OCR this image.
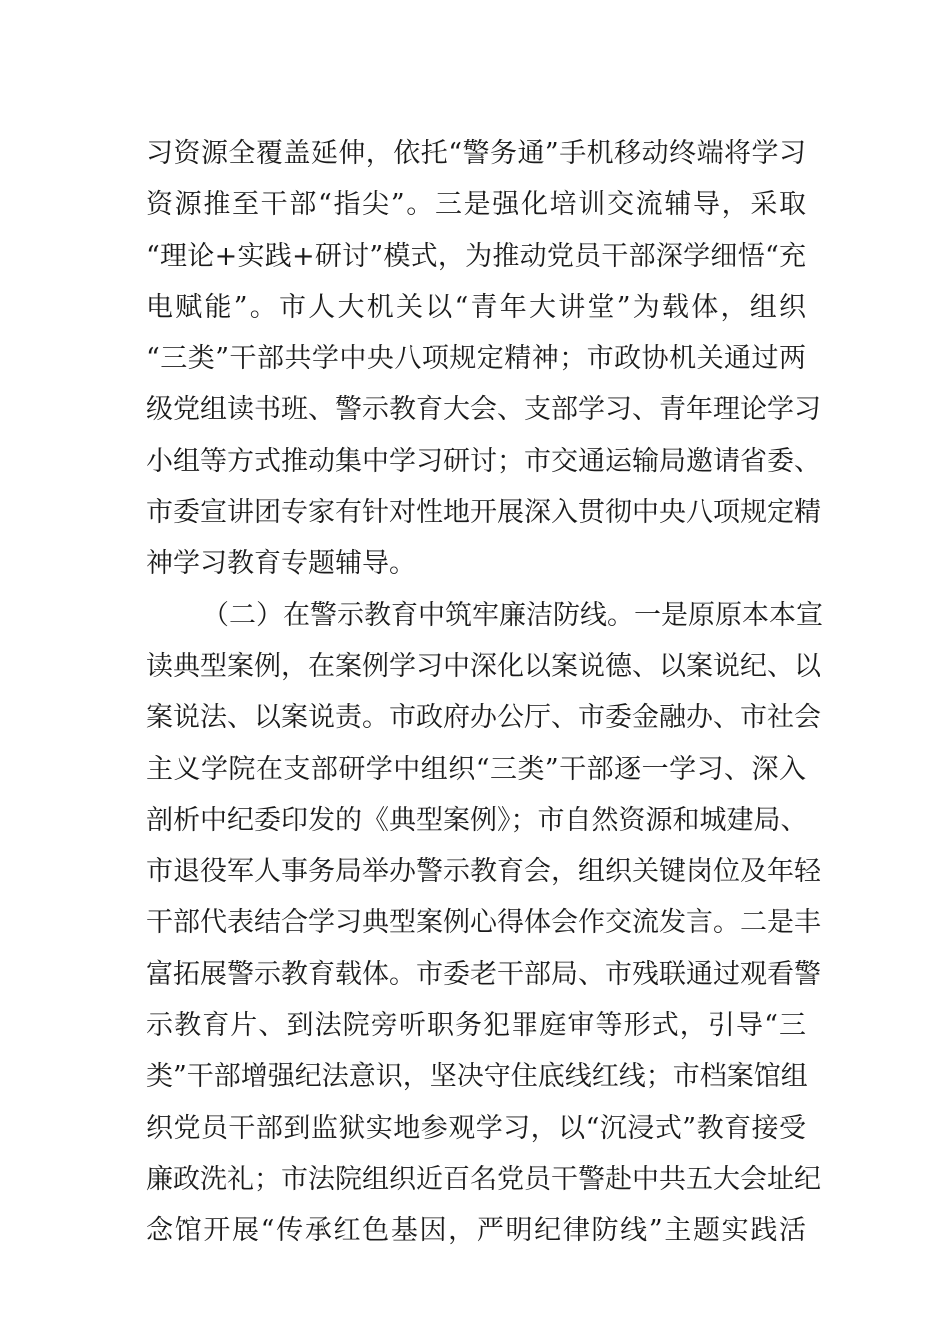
习资源全覆盖延伸，依托“警务通”手机移动终端将学习
资源推至干部“指尖”。三是强化培训交流辅导，采取
“理论+实践+研讨”模式，为推动党员干部深学细悟“充
电赋能”。市人大机关以“青年大讲堂”为载体，组织
“三类”干部共学中央八项规定精神；市政协机关通过两
级党组读书班、警示教育大会、支部学习、青年理论学习
小组等方式推动集中学习研讨；市交通运输局邀请省委、
市委宣讲团专家有针对性地开展深入贯彻中央八项规定精
神学习教育专题辅导。
（二）在警示教育中筑牢廉洁防线。一是原原本本宣
读典型案例，在案例学习中深化以案说德、以案说纪、以
案说法、以案说责。市政府办公厅、市委金融办、市社会
主义学院在支部研学中组织“三类”干部逐一学习、深入
剖析中纪委印发的《典型案例》；市自然资源和城建局、
市退役军人事务局举办警示教育会，组织关键岗位及年轻
干部代表结合学习典型案例心得体会作交流发言。二是丰
富拓展警示教育载体。市委老干部局、市残联通过观看警
示教育片、到法院旁听职务犯罪庭审等形式，引导“三
类”干部增强纪法意识，坚决守住底线红线；市档案馆组
织党员干部到监狱实地参观学习，以“沉浸式”教育接受
廉政洗礼；市法院组织近百名党员干警赴中共五大会址纪
念馆开展“传承红色基因，严明纪律防线”主题实践活
